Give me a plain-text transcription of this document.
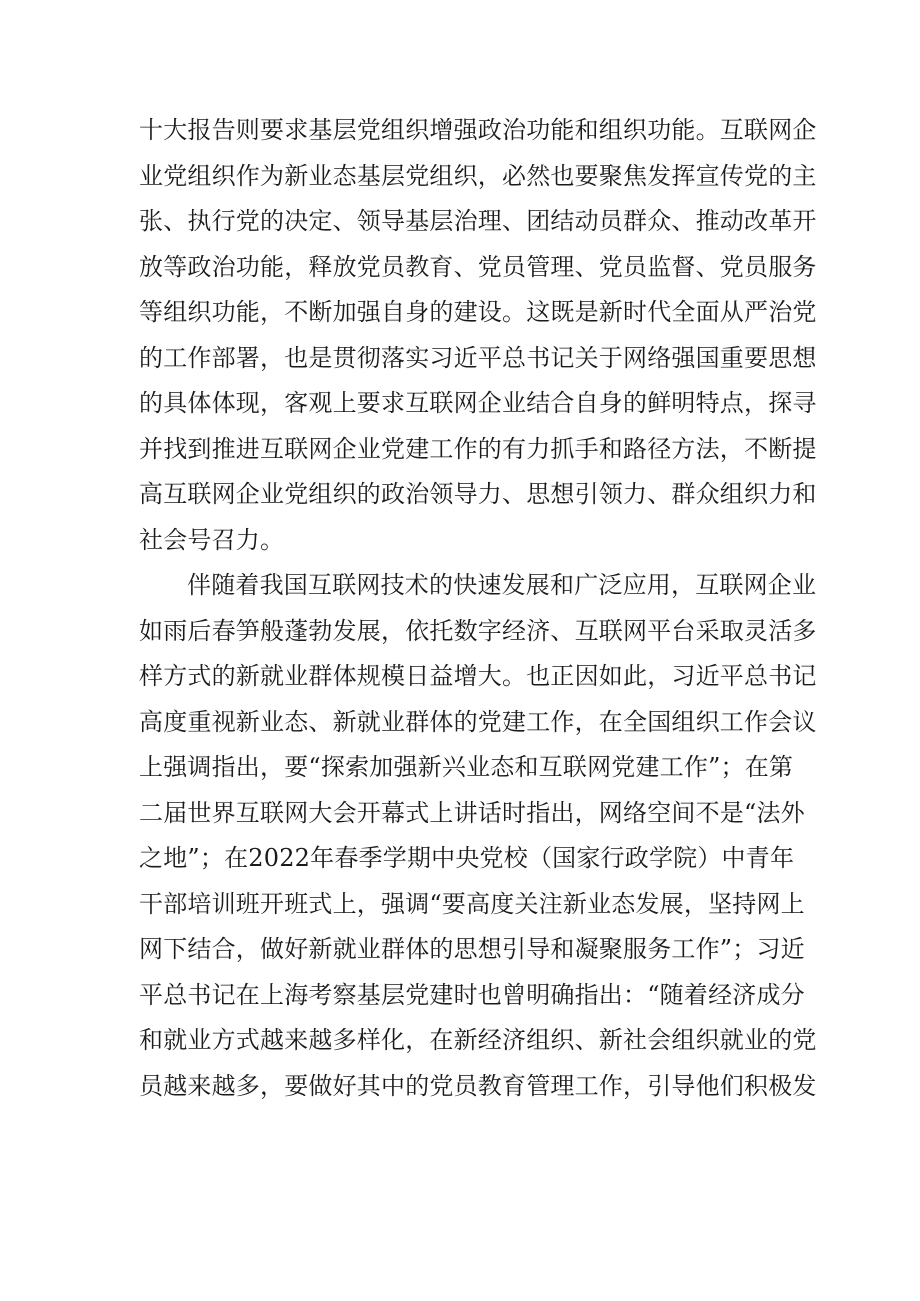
十大报告则要求基层党组织增强政治功能和组织功能。互联网企
业党组织作为新业态基层党组织，必然也要聚焦发挥宣传党的主
张、执行党的决定、领导基层治理、团结动员群众、推动改革开
放等政治功能，释放党员教育、党员管理、党员监督、党员服务
等组织功能，不断加强自身的建设。这既是新时代全面从严治党
的工作部署，也是贯彻落实习近平总书记关于网络强国重要思想
的具体体现，客观上要求互联网企业结合自身的鲜明特点，探寻
并找到推进互联网企业党建工作的有力抓手和路径方法，不断提
高互联网企业党组织的政治领导力、思想引领力、群众组织力和
社会号召力。
伴随着我国互联网技术的快速发展和广泛应用，互联网企业
如雨后春笋般蓬勃发展，依托数字经济、互联网平台采取灵活多
样方式的新就业群体规模日益增大。也正因如此，习近平总书记
高度重视新业态、新就业群体的党建工作，在全国组织工作会议
上强调指出，要“探索加强新兴业态和互联网党建工作”；在第
二届世界互联网大会开幕式上讲话时指出，网络空间不是“法外
之地”；在2022年春季学期中央党校（国家行政学院）中青年
干部培训班开班式上，强调“要高度关注新业态发展，坚持网上
网下结合，做好新就业群体的思想引导和凝聚服务工作”；习近
平总书记在上海考察基层党建时也曾明确指出：“随着经济成分
和就业方式越来越多样化，在新经济组织、新社会组织就业的党
员越来越多，要做好其中的党员教育管理工作，引导他们积极发
